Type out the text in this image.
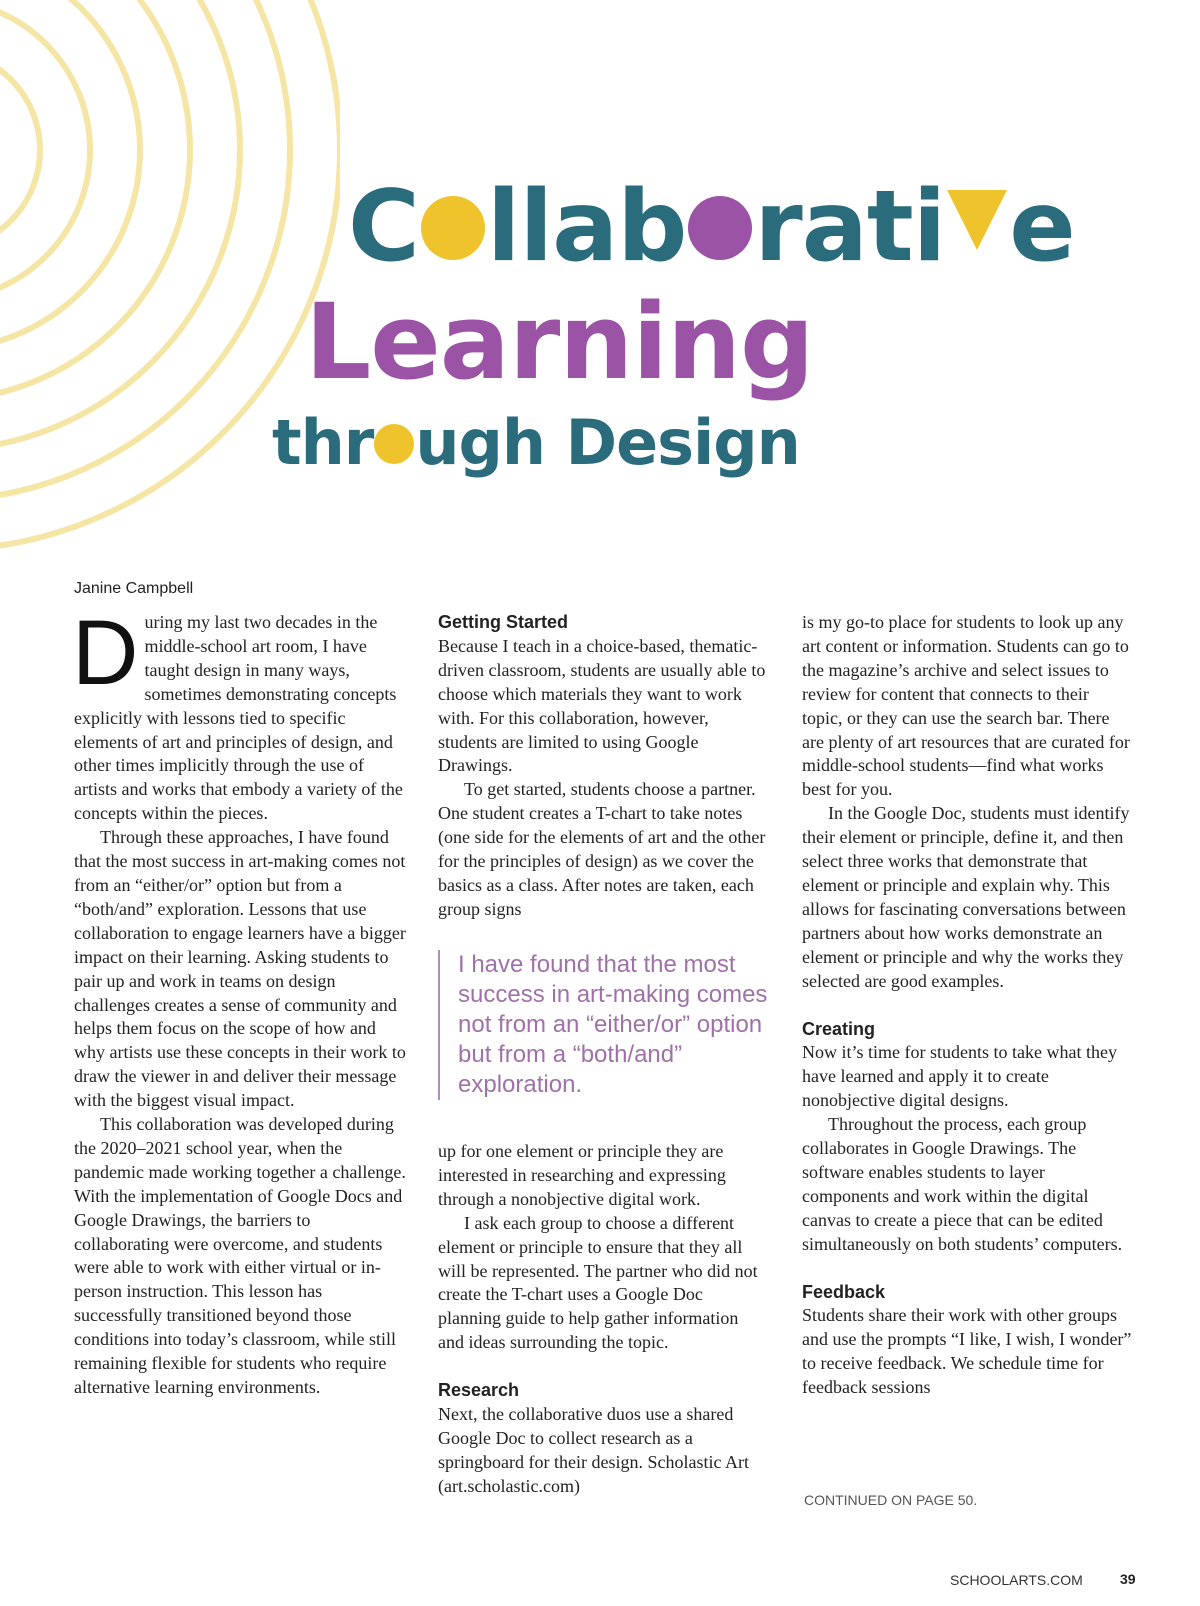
C llab rati e
Learning
thr ugh Design
Janine Campbell

During my last two decades in the middle-school art room, I have taught design in many ways, sometimes demonstrating concepts explicitly with lessons tied to specific elements of art and principles of design, and other times implicitly through the use of artists and works that embody a variety of the concepts within the pieces.

Through these approaches, I have found that the most success in art-making comes not from an “either/or” option but from a “both/and” exploration. Lessons that use collaboration to engage learners have a bigger impact on their learning. Asking students to pair up and work in teams on design challenges creates a sense of community and helps them focus on the scope of how and why artists use these concepts in their work to draw the viewer in and deliver their message with the biggest visual impact.

This collaboration was developed during the 2020–2021 school year, when the pandemic made working together a challenge. With the implementation of Google Docs and Google Drawings, the barriers to collaborating were overcome, and students were able to work with either virtual or in-person instruction. This lesson has successfully transitioned beyond those conditions into today’s classroom, while still remaining flexible for students who require alternative learning environments.

Getting Started

Because I teach in a choice-based, thematic-driven classroom, students are usually able to choose which materials they want to work with. For this collaboration, however, students are limited to using Google Drawings.

To get started, students choose a partner. One student creates a T-chart to take notes (one side for the elements of art and the other for the principles of design) as we cover the basics as a class. After notes are taken, each group signs

I have found that the most success in art-making comes not from an “either/or” option but from a “both/and” exploration.

up for one element or principle they are interested in researching and expressing through a nonobjective digital work.

I ask each group to choose a different element or principle to ensure that they all will be represented. The partner who did not create the T-chart uses a Google Doc planning guide to help gather information and ideas surrounding the topic.

Research

Next, the collaborative duos use a shared Google Doc to collect research as a springboard for their design. Scholastic Art (art.scholastic.com)

is my go-to place for students to look up any art content or information. Students can go to the magazine’s archive and select issues to review for content that connects to their topic, or they can use the search bar. There are plenty of art resources that are curated for middle-school students—find what works best for you.

In the Google Doc, students must identify their element or principle, define it, and then select three works that demonstrate that element or principle and explain why. This allows for fascinating conversations between partners about how works demonstrate an element or principle and why the works they selected are good examples.

Creating

Now it’s time for students to take what they have learned and apply it to create nonobjective digital designs.

Throughout the process, each group collaborates in Google Drawings. The software enables students to layer components and work within the digital canvas to create a piece that can be edited simultaneously on both students’ computers.

Feedback

Students share their work with other groups and use the prompts “I like, I wish, I wonder” to receive feedback. We schedule time for feedback sessions

CONTINUED ON PAGE 50.
SCHOOLARTS.COM	39
